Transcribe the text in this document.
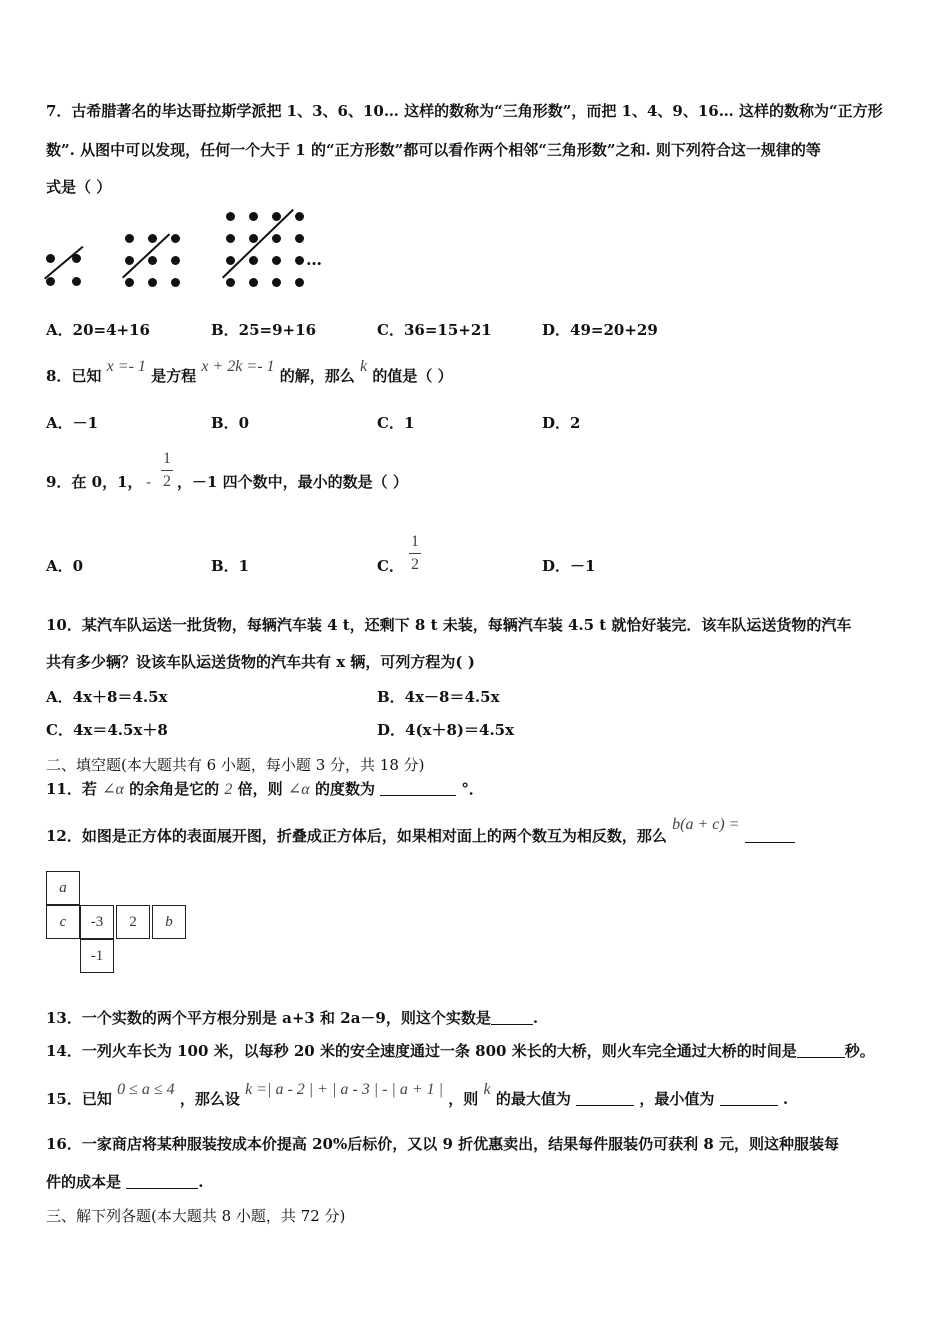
7．古希腊著名的毕达哥拉斯学派把 1、3、6、10… 这样的数称为“三角形数”，而把 1、4、9、16… 这样的数称为“正方形
数”. 从图中可以发现，任何一个大于 1 的“正方形数”都可以看作两个相邻“三角形数”之和. 则下列符合这一规律的等
式是（ ）
…
A．20=4+16	B．25=9+16	C．36=15+21	D．49=20+29
8．已知 x =- 1 是方程 x + 2k =- 1 的解，那么 k 的值是（ ）
A．－1	B．0	C．1	D．2
9．在 0，1， -
1
2 ，－1 四个数中，最小的数是（ ）
A．0	B．1	C．
1
2	D．－1
10．某汽车队运送一批货物，每辆汽车装 4 t，还剩下 8 t 未装，每辆汽车装 4.5 t 就恰好装完．该车队运送货物的汽车
共有多少辆？设该车队运送货物的汽车共有 x 辆，可列方程为( )
A．4x＋8＝4.5x	B．4x－8＝4.5x
C．4x＝4.5x＋8	D．4(x＋8)＝4.5x
二、填空题(本大题共有 6 小题，每小题 3 分，共 18 分)
11．若 ∠α 的余角是它的 2 倍，则 ∠α 的度数为	°．
12．如图是正方体的表面展开图，折叠成正方体后，如果相对面上的两个数互为相反数，那么 b(a + c) =
a
c	-3	2	b
-1
13．一个实数的两个平方根分别是 a+3 和 2a－9，则这个实数是	.
14．一列火车长为 100 米，以每秒 20 米的安全速度通过一条 800 米长的大桥，则火车完全通过大桥的时间是	秒。
15．已知 0 ≤ a ≤ 4 ，那么设 k =| a - 2 | + | a - 3 | - | a + 1 | ，则 k 的最大值为	，最小值为	.
16．一家商店将某种服装按成本价提高 20%后标价，又以 9 折优惠卖出，结果每件服装仍可获利 8 元，则这种服装每
件的成本是	.
三、解下列各题(本大题共 8 小题，共 72 分)
